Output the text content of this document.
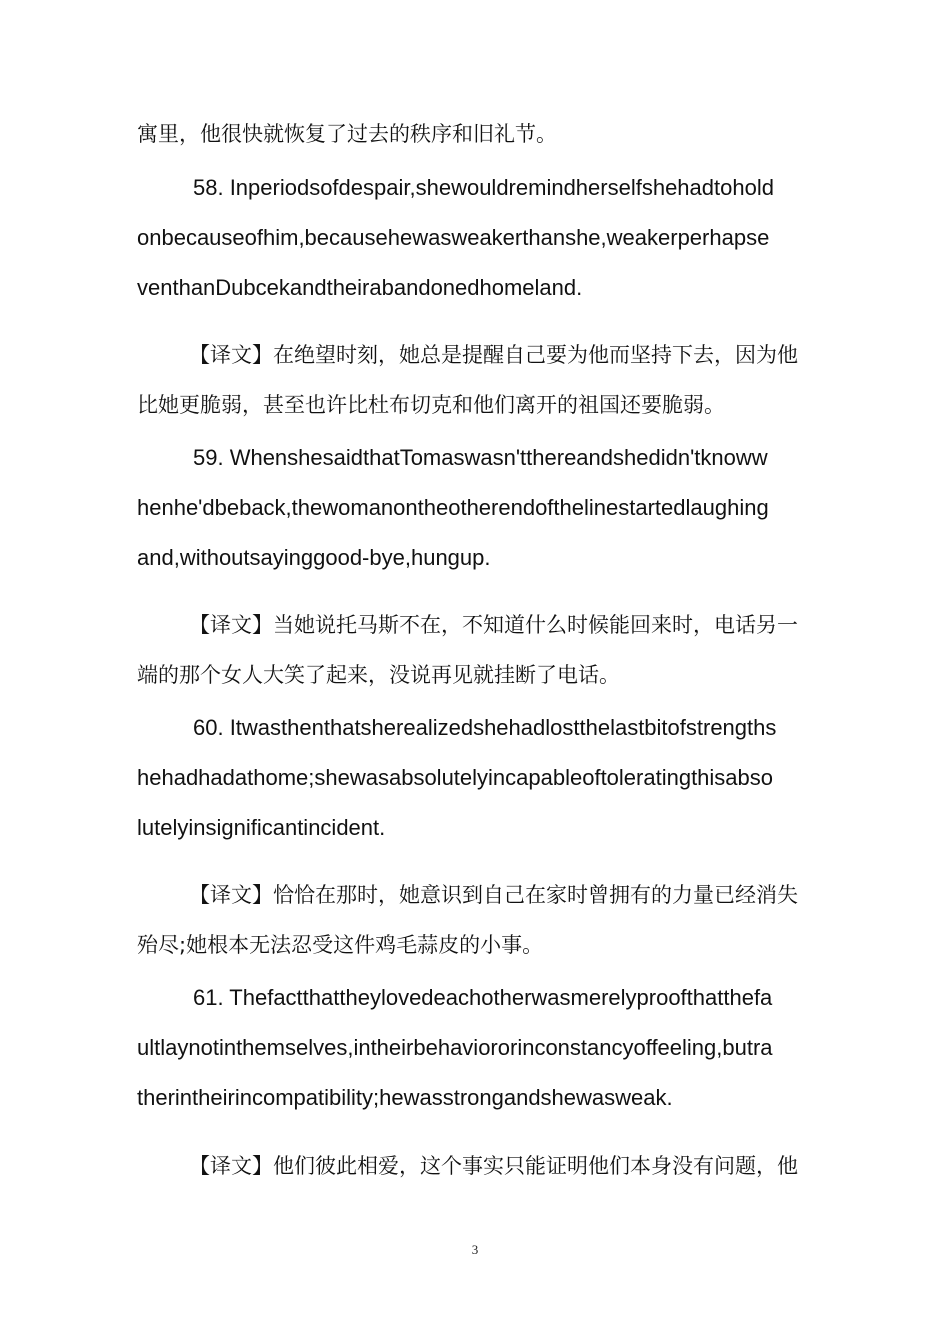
寓里，他很快就恢复了过去的秩序和旧礼节。
58. Inperiodsofdespair,shewouldremindherselfshehadtohold
onbecauseofhim,becausehewasweakerthanshe,weakerperhapse
venthanDubcekandtheirabandonedhomeland.
【译文】在绝望时刻，她总是提醒自己要为他而坚持下去，因为他
比她更脆弱，甚至也许比杜布切克和他们离开的祖国还要脆弱。
59. WhenshesaidthatTomaswasn'tthereandshedidn'tknoww
henhe'dbeback,thewomanontheotherendofthelinestartedlaughing
and,withoutsayinggood-bye,hungup.
【译文】当她说托马斯不在，不知道什么时候能回来时，电话另一
端的那个女人大笑了起来，没说再见就挂断了电话。
60. Itwasthenthatsherealizedshehadlostthelastbitofstrengths
hehadhadathome;shewasabsolutelyincapableoftoleratingthisabso
lutelyinsignificantincident.
【译文】恰恰在那时，她意识到自己在家时曾拥有的力量已经消失
殆尽;她根本无法忍受这件鸡毛蒜皮的小事。
61. Thefactthattheylovedeachotherwasmerelyproofthatthefa
ultlaynotinthemselves,intheirbehaviororinconstancyoffeeling,butra
therintheirincompatibility;hewasstrongandshewasweak.
【译文】他们彼此相爱，这个事实只能证明他们本身没有问题，他
3
